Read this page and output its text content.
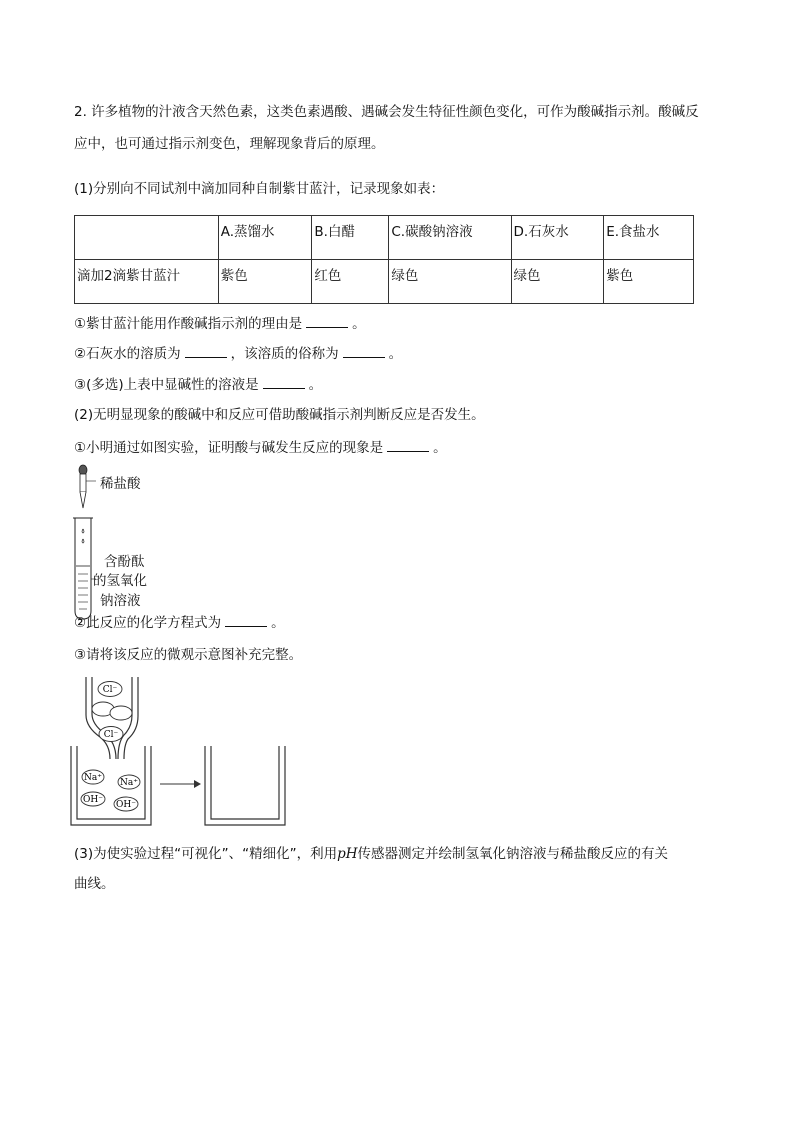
2. 许多植物的汁液含天然色素，这类色素遇酸、遇碱会发生特征性颜色变化，可作为酸碱指示剂。酸碱反
应中，也可通过指示剂变色，理解现象背后的原理。
(1)分别向不同试剂中滴加同种自制紫甘蓝汁，记录现象如表：
	A.蒸馏水	B.白醋	C.碳酸钠溶液	D.石灰水	E.食盐水
滴加2滴紫甘蓝汁	紫色	红色	绿色	绿色	紫色
①紫甘蓝汁能用作酸碱指示剂的理由是	。
②石灰水的溶质为	，该溶质的俗称为	。
③(多选)上表中显碱性的溶液是	。
(2)无明显现象的酸碱中和反应可借助酸碱指示剂判断反应是否发生。
①小明通过如图实验，证明酸与碱发生反应的现象是	。
稀盐酸
含酚酞
的氢氧化
钠溶液
②此反应的化学方程式为	。
③请将该反应的微观示意图补充完整。
Cl⁻
Cl⁻
Na⁺ Na⁺
OH⁻ OH⁻
(3)为使实验过程“可视化”、“精细化”，利用pH传感器测定并绘制氢氧化钠溶液与稀盐酸反应的有关
曲线。
